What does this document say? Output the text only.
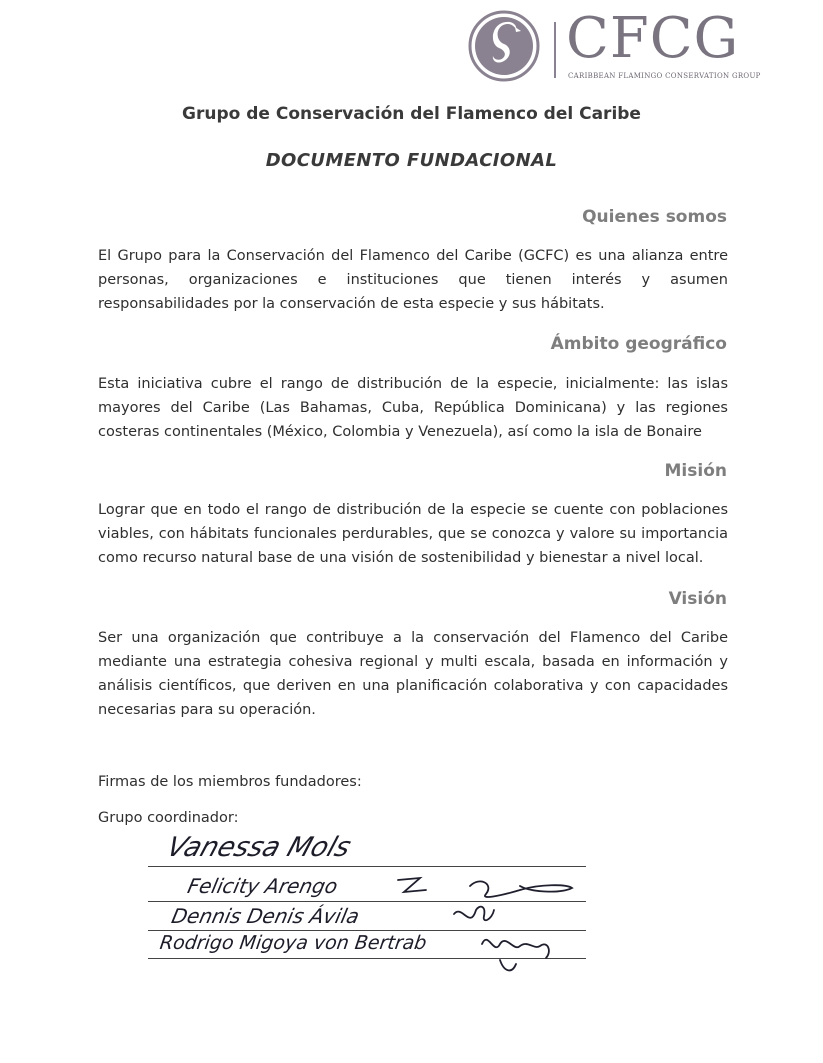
CFCG
CARIBBEAN FLAMINGO CONSERVATION GROUP
Grupo de Conservación del Flamenco del Caribe
DOCUMENTO FUNDACIONAL
Quienes somos
El Grupo para la Conservación del Flamenco del Caribe (GCFC) es una alianza entre personas, organizaciones e instituciones que tienen interés y asumen responsabilidades por la conservación de esta especie y sus hábitats.
Ámbito geográfico
Esta iniciativa cubre el rango de distribución de la especie, inicialmente: las islas mayores del Caribe (Las Bahamas, Cuba, República Dominicana) y las regiones costeras continentales (México, Colombia y Venezuela), así como la isla de Bonaire
Misión
Lograr que en todo el rango de distribución de la especie se cuente con poblaciones viables, con hábitats funcionales perdurables, que se conozca y valore su importancia como recurso natural base de una visión de sostenibilidad y bienestar a nivel local.
Visión
Ser una organización que contribuye a la conservación del Flamenco del Caribe mediante una estrategia cohesiva regional y multi escala, basada en información y análisis científicos, que deriven en una planificación colaborativa y con capacidades necesarias para su operación.
Firmas de los miembros fundadores:
Grupo coordinador:
Vanessa Mols
Felicity Arengo
Dennis Denis Ávila
Rodrigo Migoya von Bertrab
